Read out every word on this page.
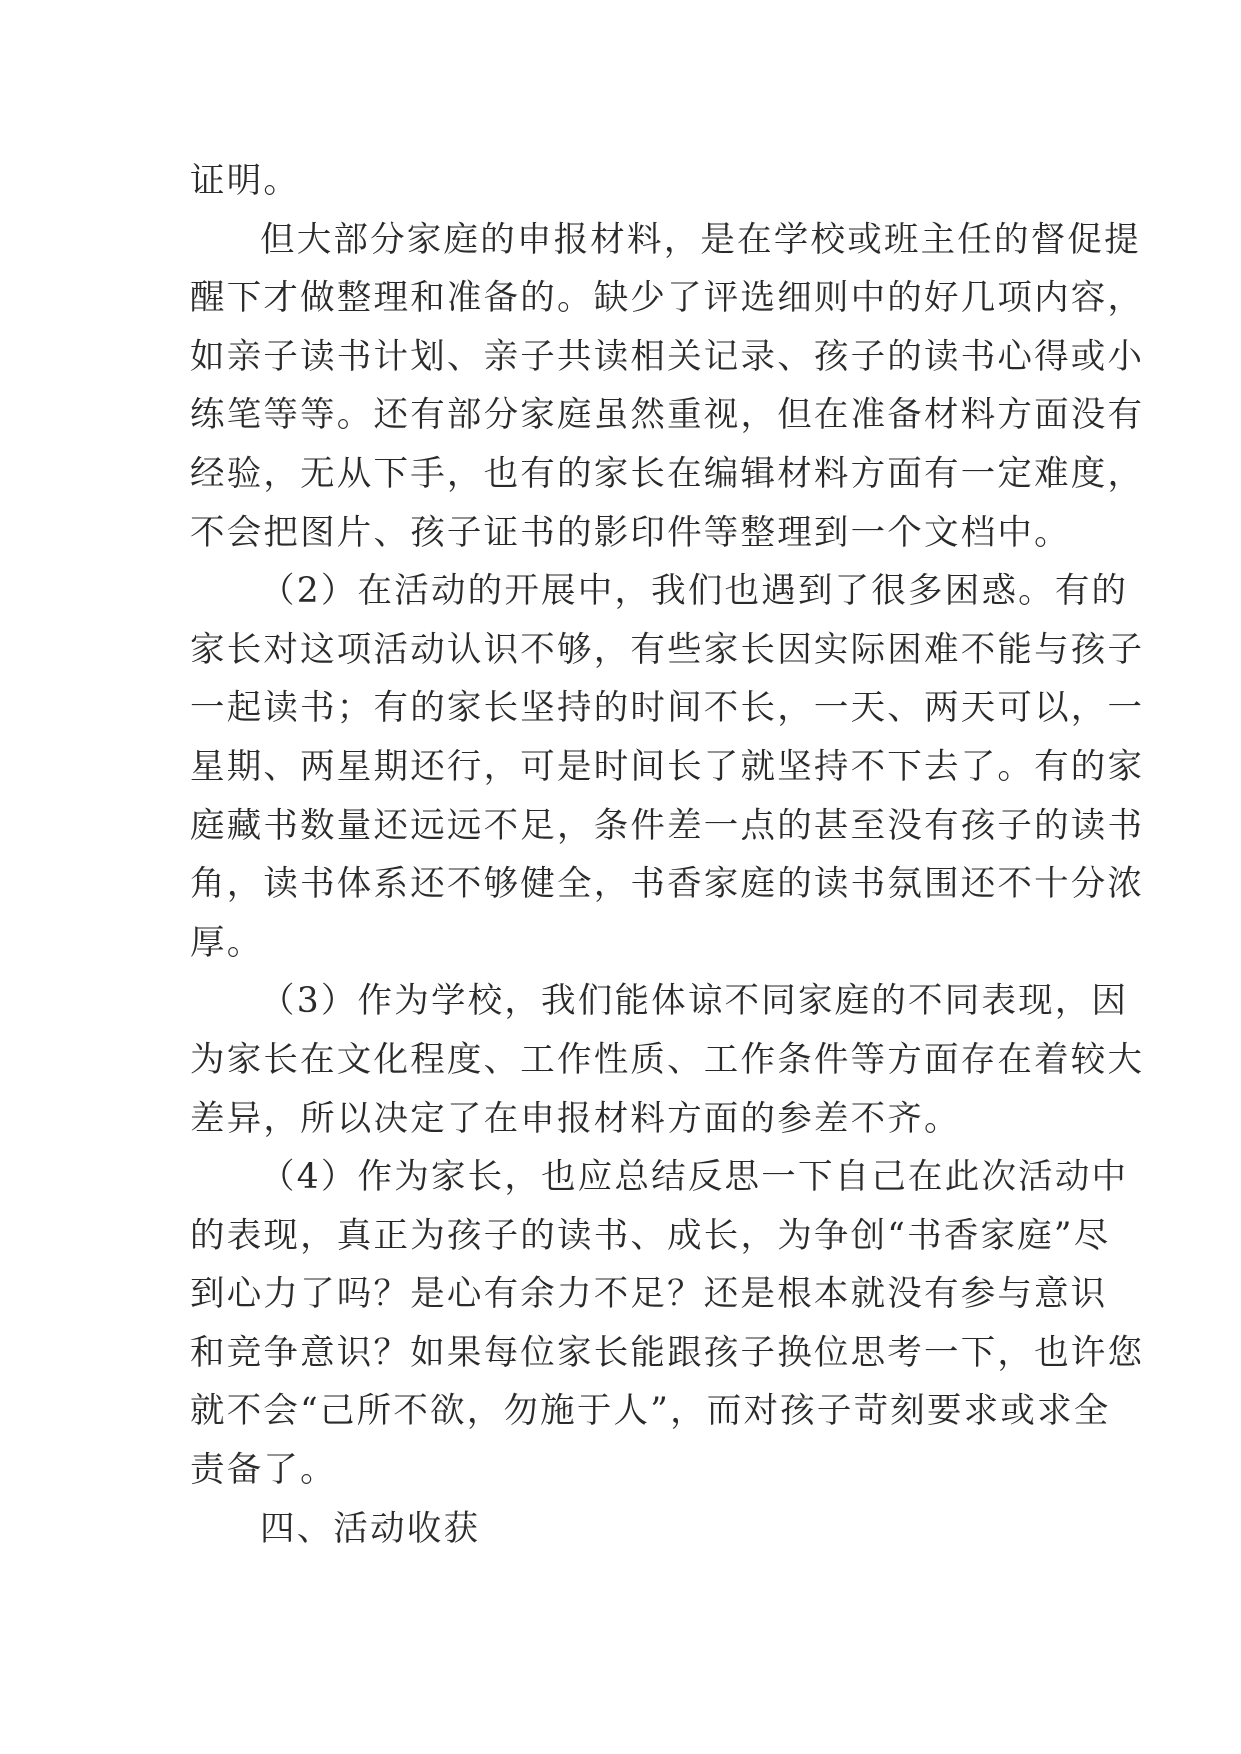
证明。
但大部分家庭的申报材料，是在学校或班主任的督促提
醒下才做整理和准备的。缺少了评选细则中的好几项内容，
如亲子读书计划、亲子共读相关记录、孩子的读书心得或小
练笔等等。还有部分家庭虽然重视，但在准备材料方面没有
经验，无从下手，也有的家长在编辑材料方面有一定难度，
不会把图片、孩子证书的影印件等整理到一个文档中。
（2）在活动的开展中，我们也遇到了很多困惑。有的
家长对这项活动认识不够，有些家长因实际困难不能与孩子
一起读书；有的家长坚持的时间不长，一天、两天可以，一
星期、两星期还行，可是时间长了就坚持不下去了。有的家
庭藏书数量还远远不足，条件差一点的甚至没有孩子的读书
角，读书体系还不够健全，书香家庭的读书氛围还不十分浓
厚。
（3）作为学校，我们能体谅不同家庭的不同表现，因
为家长在文化程度、工作性质、工作条件等方面存在着较大
差异，所以决定了在申报材料方面的参差不齐。
（4）作为家长，也应总结反思一下自己在此次活动中
的表现，真正为孩子的读书、成长，为争创“书香家庭”尽
到心力了吗？是心有余力不足？还是根本就没有参与意识
和竞争意识？如果每位家长能跟孩子换位思考一下，也许您
就不会“己所不欲，勿施于人”，而对孩子苛刻要求或求全
责备了。
四、活动收获
